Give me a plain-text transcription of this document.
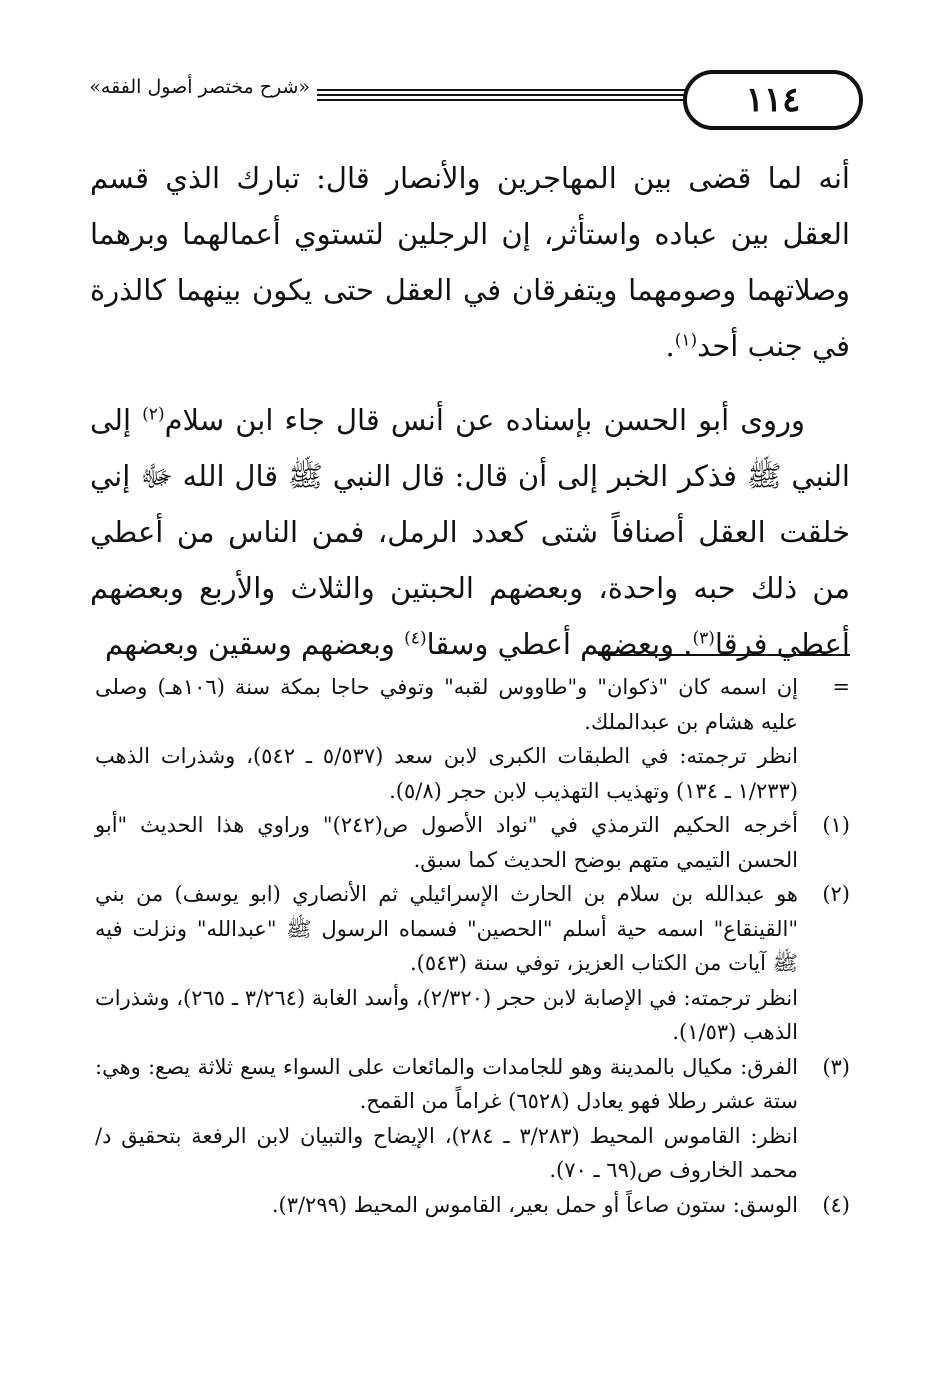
١١٤
«شرح مختصر أصول الفقه»

أنه لما قضى بين المهاجرين والأنصار قال: تبارك الذي قسم العقل بين عباده واستأثر، إن الرجلين لتستوي أعمالهما وبرهما وصلاتهما وصومهما ويتفرقان في العقل حتى يكون بينهما كالذرة في جنب أحد$^{(١)}$.

وروى أبو الحسن بإسناده عن أنس قال جاء ابن سلام$^{(٢)}$ إلى النبي ﷺ فذكر الخبر إلى أن قال: قال النبي ﷺ قال الله ﷻ إني خلقت العقل أصنافاً شتى كعدد الرمل، فمن الناس من أعطي من ذلك حبه واحدة، وبعضهم الحبتين والثلاث والأربع وبعضهم أعطي فرقا$^{(٣)}$. وبعضهم أعطي وسقا$^{(٤)}$ وبعضهم وسقين وبعضهم

=

إن اسمه كان "ذكوان" و"طاووس لقبه" وتوفي حاجا بمكة سنة (١٠٦هـ) وصلى عليه هشام بن عبدالملك.

انظر ترجمته: في الطبقات الكبرى لابن سعد (٥/٥٣٧ ـ ٥٤٢)، وشذرات الذهب (١/٢٣٣ ـ ١٣٤) وتهذيب التهذيب لابن حجر (٥/٨).

(١)

أخرجه الحكيم الترمذي في "نواد الأصول ص(٢٤٢)" وراوي هذا الحديث "أبو الحسن التيمي متهم بوضح الحديث كما سبق.

(٢)

هو عبدالله بن سلام بن الحارث الإسرائيلي ثم الأنصاري (ابو يوسف) من بني "القينقاع" اسمه حية أسلم "الحصين" فسماه الرسول ﷺ "عبدالله" ونزلت فيه ﷺ آيات من الكتاب العزيز، توفي سنة (٥٤٣).

انظر ترجمته: في الإصابة لابن حجر (٢/٣٢٠)، وأسد الغابة (٣/٢٦٤ ـ ٢٦٥)، وشذرات الذهب (١/٥٣).

(٣)

الفرق: مكيال بالمدينة وهو للجامدات والمائعات على السواء يسع ثلاثة يصع: وهي: ستة عشر رطلا فهو يعادل (٦٥٢٨) غراماً من القمح.

انظر: القاموس المحيط (٣/٢٨٣ ـ ٢٨٤)، الإيضاح والتبيان لابن الرفعة بتحقيق د/محمد الخاروف ص(٦٩ ـ ٧٠).

(٤)

الوسق: ستون صاعاً أو حمل بعير، القاموس المحيط (٣/٢٩٩).
